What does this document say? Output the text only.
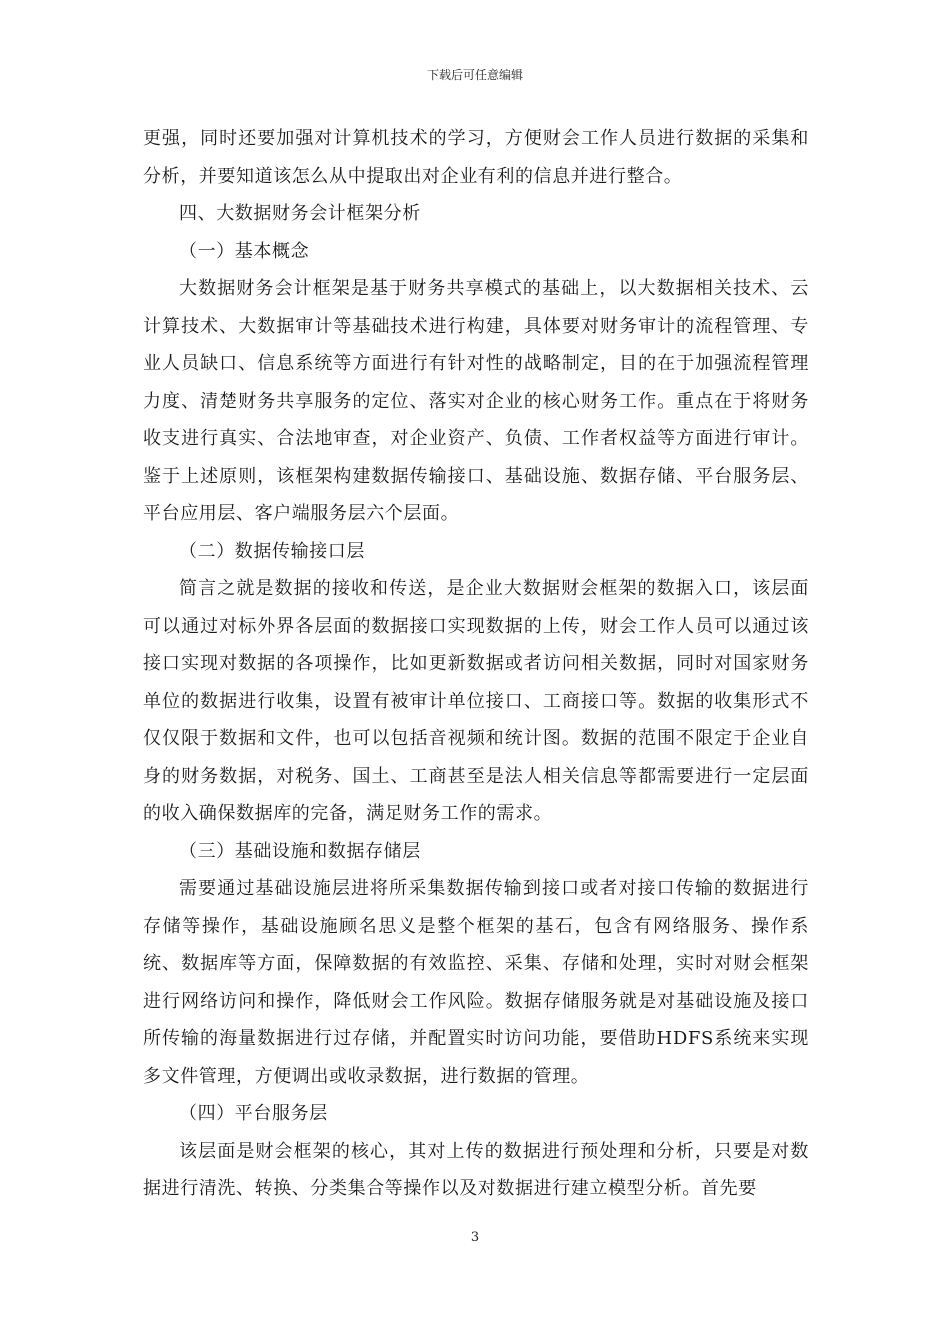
下载后可任意编辑

更强，同时还要加强对计算机技术的学习，方便财会工作人员进行数据的采集和分析，并要知道该怎么从中提取出对企业有利的信息并进行整合。

四、大数据财务会计框架分析

（一）基本概念

大数据财务会计框架是基于财务共享模式的基础上，以大数据相关技术、云计算技术、大数据审计等基础技术进行构建，具体要对财务审计的流程管理、专业人员缺口、信息系统等方面进行有针对性的战略制定，目的在于加强流程管理力度、清楚财务共享服务的定位、落实对企业的核心财务工作。重点在于将财务收支进行真实、合法地审查，对企业资产、负债、工作者权益等方面进行审计。鉴于上述原则，该框架构建数据传输接口、基础设施、数据存储、平台服务层、平台应用层、客户端服务层六个层面。

（二）数据传输接口层

简言之就是数据的接收和传送，是企业大数据财会框架的数据入口，该层面可以通过对标外界各层面的数据接口实现数据的上传，财会工作人员可以通过该接口实现对数据的各项操作，比如更新数据或者访问相关数据，同时对国家财务单位的数据进行收集，设置有被审计单位接口、工商接口等。数据的收集形式不仅仅限于数据和文件，也可以包括音视频和统计图。数据的范围不限定于企业自身的财务数据，对税务、国土、工商甚至是法人相关信息等都需要进行一定层面的收入确保数据库的完备，满足财务工作的需求。

（三）基础设施和数据存储层

需要通过基础设施层进将所采集数据传输到接口或者对接口传输的数据进行存储等操作，基础设施顾名思义是整个框架的基石，包含有网络服务、操作系统、数据库等方面，保障数据的有效监控、采集、存储和处理，实时对财会框架进行网络访问和操作，降低财会工作风险。数据存储服务就是对基础设施及接口所传输的海量数据进行过存储，并配置实时访问功能，要借助HDFS系统来实现多文件管理，方便调出或收录数据，进行数据的管理。

（四）平台服务层

该层面是财会框架的核心，其对上传的数据进行预处理和分析，只要是对数据进行清洗、转换、分类集合等操作以及对数据进行建立模型分析。首先要

3
